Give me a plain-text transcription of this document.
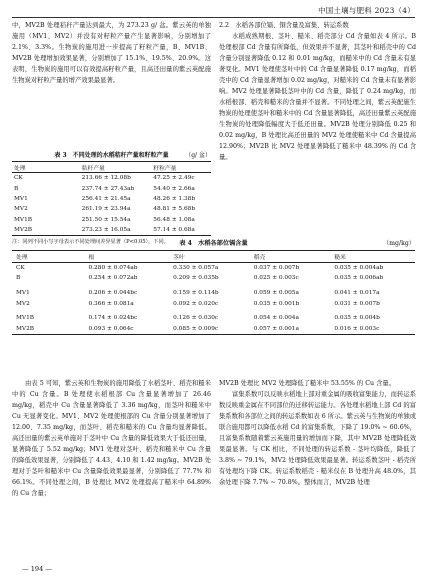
中国土壤与肥料 2023（4）

中，MV2B 处理秸秆产量达到最大，为 273.23 g/ 盆。紫云英的单独施用（MV1、MV2）并没有对籽粒产量产生显著影响，分别增加了 2.1%、3.3%。生物炭的施用进一步提高了籽粒产量，B、MV1B、MV2B 处理增加效果显著，分别增加了 15.1%、19.5%、20.9%。这表明，生物炭的施用可以有效提高籽粒产量，且高还田量的紫云英配施生物炭对籽粒产量的增产效果最显著。

表 3　不同处理的水稻秸秆产量和籽粒产量	（g/ 盆）
处理	秸秆产量	籽粒产量
CK	213.66 ± 12.08b	47.25 ± 2.49c
B	237.74 ± 27.43ab	54.40 ± 2.66a
MV1	256.41 ± 21.45a	48.26 ± 1.38b
MV2	261.19 ± 23.94a	48.81 ± 5.68b
MV1B	251.50 ± 15.54a	56.48 ± 1.08a
MV2B	273.23 ± 16.05a	57.14 ± 0.68a
注：同列不同小写字母表示不同处理间差异显著（P<0.05），下同。

2.2　水稻各部位镉、铜含量及富集、转运系数

水稻成熟期根、茎叶、糙米、稻壳部分 Cd 含量如表 4 所示。B 处理根部 Cd 含量有所降低，但效果并不显著，其茎叶和稻壳中的 Cd 含量分别显著降低 0.12 和 0.01 mg/kg，而糙米中的 Cd 含量未有显著变化。MV1 处理使茎叶中的 Cd 含量显著降低 0.17 mg/kg，而稻壳中的 Cd 含量显著增加 0.02 mg/kg，对糙米的 Cd 含量未有显著影响。MV2 处理显著降低茎叶中的 Cd 含量，降低了 0.24 mg/kg，而水稻根部、稻壳和糙米的含量并不显著。不同处理之间，紫云英配施生物炭的处理使茎叶和糙米中的 Cd 含量显著降低，高还田量紫云英配施生物炭的处理降低幅度大于低还田量。MV2B 处理分别降低 0.25 和 0.02 mg/kg，B 处理比高还田量的 MV2 处理使糙米中 Cd 含量提高 12.90%；MV2B 比 MV2 处理显著降低了糙米中 48.39% 的 Cd 含量。

表 4　水稻各部位镉含量	（mg/kg）
处理	根	茎叶	稻壳	糙米
CK	0.280 ± 0.074ab	0.330 ± 0.057a	0.037 ± 0.007b	0.035 ± 0.004ab
B	0.254 ± 0.072ab	0.209 ± 0.035b	0.025 ± 0.003c	0.035 ± 0.006ab

MV1	0.206 ± 0.044bc	0.159 ± 0.114b	0.059 ± 0.005a	0.041 ± 0.017a
MV2	0.366 ± 0.081a	0.092 ± 0.020c	0.035 ± 0.001b	0.031 ± 0.007b

MV1B	0.174 ± 0.024bc	0.126 ± 0.030c	0.054 ± 0.004a	0.035 ± 0.004b
MV2B	0.093 ± 0.064c	0.085 ± 0.009c	0.057 ± 0.001a	0.016 ± 0.003c

由表 5 可知，紫云英和生物炭的施用降低了水稻茎叶、稻壳和糙米中的 Cu 含量。B 处理使水稻根部 Cu 含量显著增加了 26.46 mg/kg，稻壳中 Cu 含量显著降低了 3.36 mg/kg，而茎叶和糙米中 Cu 无显著变化。MV1、MV2 处理使根部的 Cu 含量分别显著增加了 12.00、7.35 mg/kg，而茎叶、稻壳和糙米的 Cu 含量均显著降低。高还田量的紫云英单施对于茎叶中 Cu 含量的降低效果大于低还田量，显著降低了 5.52 mg/kg；MV1 处理对茎叶、稻壳和糙米中 Cu 含量的降低效果显著，分别降低了 4.43、4.10 和 1.42 mg/kg。MV2B 处理对于茎叶和糙米中 Cu 含量降低效果最显著，分别降低了 77.7% 和 66.1%。不同处理之间，B 处理比 MV2 处理提高了糙米中 64.89% 的 Cu 含量；

MV2B 处理比 MV2 处理降低了糙米中 53.55% 的 Cu 含量。

富集系数可以反映水稻地上部对重金属的吸收富集能力，而转运系数反映重金属在不同部位的迁移转运能力。各处理水稻地上部 Cd 的富集系数和各部位之间的转运系数如表 6 所示。紫云英与生物炭的单独或联合施用都可以降低水稻 Cd 的富集系数，下降了 19.0% ~ 60.6%，且富集系数随着紫云英施用量的增加而下降，其中 MV2B 处理降低效果最显著。与 CK 相比，不同处理的转运系数 - 茎叶均降低，降低了 3.8% ~ 79.1%，MV2 处理降低效果最显著。转运系数茎叶 - 稻壳所有处理均下降 CK。转运系数稻壳 - 糙米仅在 B 处理升高 48.0%，其余处理下降 7.7% ~ 70.8%。整体而言，MV2B 处理

— 194 —
